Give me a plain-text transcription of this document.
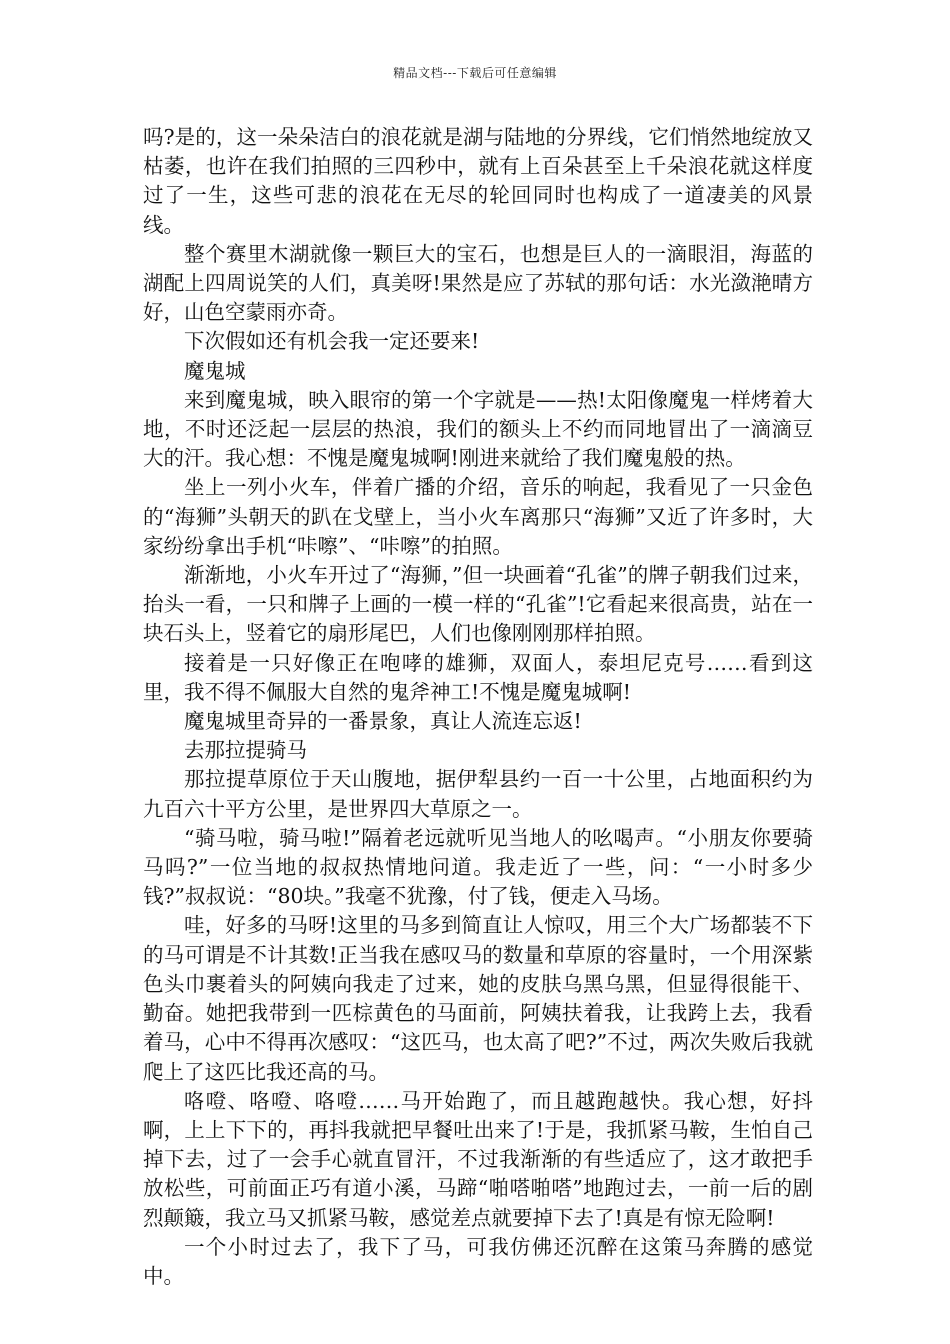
精品文档---下载后可任意编辑

吗?是的，这一朵朵洁白的浪花就是湖与陆地的分界线，它们悄然地绽放又枯萎，也许在我们拍照的三四秒中，就有上百朵甚至上千朵浪花就这样度过了一生，这些可悲的浪花在无尽的轮回同时也构成了一道凄美的风景线。

整个赛里木湖就像一颗巨大的宝石，也想是巨人的一滴眼泪，海蓝的湖配上四周说笑的人们，真美呀!果然是应了苏轼的那句话：水光潋滟晴方好，山色空蒙雨亦奇。

下次假如还有机会我一定还要来!

魔鬼城

来到魔鬼城，映入眼帘的第一个字就是——热!太阳像魔鬼一样烤着大地，不时还泛起一层层的热浪，我们的额头上不约而同地冒出了一滴滴豆大的汗。我心想：不愧是魔鬼城啊!刚进来就给了我们魔鬼般的热。

坐上一列小火车，伴着广播的介绍，音乐的响起，我看见了一只金色的“海狮”头朝天的趴在戈壁上，当小火车离那只“海狮”又近了许多时，大家纷纷拿出手机“咔嚓”、“咔嚓”的拍照。

渐渐地，小火车开过了“海狮，”但一块画着“孔雀”的牌子朝我们过来，抬头一看，一只和牌子上画的一模一样的“孔雀”!它看起来很高贵，站在一块石头上，竖着它的扇形尾巴，人们也像刚刚那样拍照。

接着是一只好像正在咆哮的雄狮，双面人，泰坦尼克号……看到这里，我不得不佩服大自然的鬼斧神工!不愧是魔鬼城啊!

魔鬼城里奇异的一番景象，真让人流连忘返!

去那拉提骑马

那拉提草原位于天山腹地，据伊犁县约一百一十公里，占地面积约为九百六十平方公里，是世界四大草原之一。

“骑马啦，骑马啦!”隔着老远就听见当地人的吆喝声。“小朋友你要骑马吗?”一位当地的叔叔热情地问道。我走近了一些，问：“一小时多少钱?”叔叔说：“80块。”我毫不犹豫，付了钱，便走入马场。

哇，好多的马呀!这里的马多到简直让人惊叹，用三个大广场都装不下的马可谓是不计其数!正当我在感叹马的数量和草原的容量时，一个用深紫色头巾裹着头的阿姨向我走了过来，她的皮肤乌黑乌黑，但显得很能干、勤奋。她把我带到一匹棕黄色的马面前，阿姨扶着我，让我跨上去，我看着马，心中不得再次感叹：“这匹马，也太高了吧?”不过，两次失败后我就爬上了这匹比我还高的马。

咯噔、咯噔、咯噔……马开始跑了，而且越跑越快。我心想，好抖啊，上上下下的，再抖我就把早餐吐出来了!于是，我抓紧马鞍，生怕自己掉下去，过了一会手心就直冒汗，不过我渐渐的有些适应了，这才敢把手放松些，可前面正巧有道小溪，马蹄“啪嗒啪嗒”地跑过去，一前一后的剧烈颠簸，我立马又抓紧马鞍，感觉差点就要掉下去了!真是有惊无险啊!

一个小时过去了，我下了马，可我仿佛还沉醉在这策马奔腾的感觉中。
